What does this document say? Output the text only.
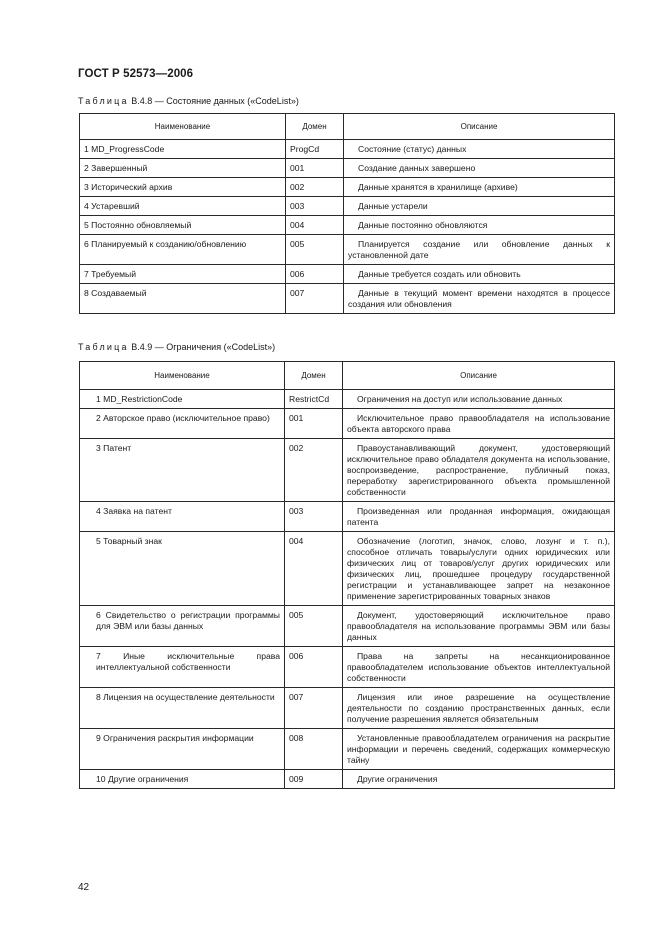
ГОСТ Р 52573—2006
Таблица B.4.8 — Состояние данных («CodeList»)
Наименование	Домен	Описание
1 MD_ProgressCode	ProgCd	Состояние (статус) данных
2 Завершенный	001	Создание данных завершено
3 Исторический архив	002	Данные хранятся в хранилище (архиве)
4 Устаревший	003	Данные устарели
5 Постоянно обновляемый	004	Данные постоянно обновляются
6 Планируемый к созданию/обновлению	005	Планируется создание или обновление данных к установленной дате
7 Требуемый	006	Данные требуется создать или обновить
8 Создаваемый	007	Данные в текущий момент времени находятся в процессе создания или обновления
Таблица B.4.9 — Ограничения («CodeList»)
Наименование	Домен	Описание
1 MD_RestrictionCode	RestrictCd	Ограничения на доступ или использование данных
2 Авторское право (исключительное право)	001	Исключительное право правообладателя на использование объекта авторского права
3 Патент	002	Правоустанавливающий документ, удостоверяющий исключительное право обладателя документа на использование, воспроизведение, распространение, публичный показ, переработку зарегистрированного объекта промышленной собственности
4 Заявка на патент	003	Произведенная или проданная информация, ожидающая патента
5 Товарный знак	004	Обозначение (логотип, значок, слово, лозунг и т. п.), способное отличать товары/услуги одних юридических или физических лиц от товаров/услуг других юридических или физических лиц, прошедшее процедуру государственной регистрации и устанавливающее запрет на незаконное применение зарегистрированных товарных знаков
6 Свидетельство о регистрации программы для ЭВМ или базы данных	005	Документ, удостоверяющий исключительное право правообладателя на использование программы ЭВМ или базы данных
7 Иные исключительные права интеллектуальной собственности	006	Права на запреты на несанкционированное правообладателем использование объектов интеллектуальной собственности
8 Лицензия на осуществление деятельности	007	Лицензия или иное разрешение на осуществление деятельности по созданию пространственных данных, если получение разрешения является обязательным
9 Ограничения раскрытия информации	008	Установленные правообладателем ограничения на раскрытие информации и перечень сведений, содержащих коммерческую тайну
10 Другие ограничения	009	Другие ограничения
42
